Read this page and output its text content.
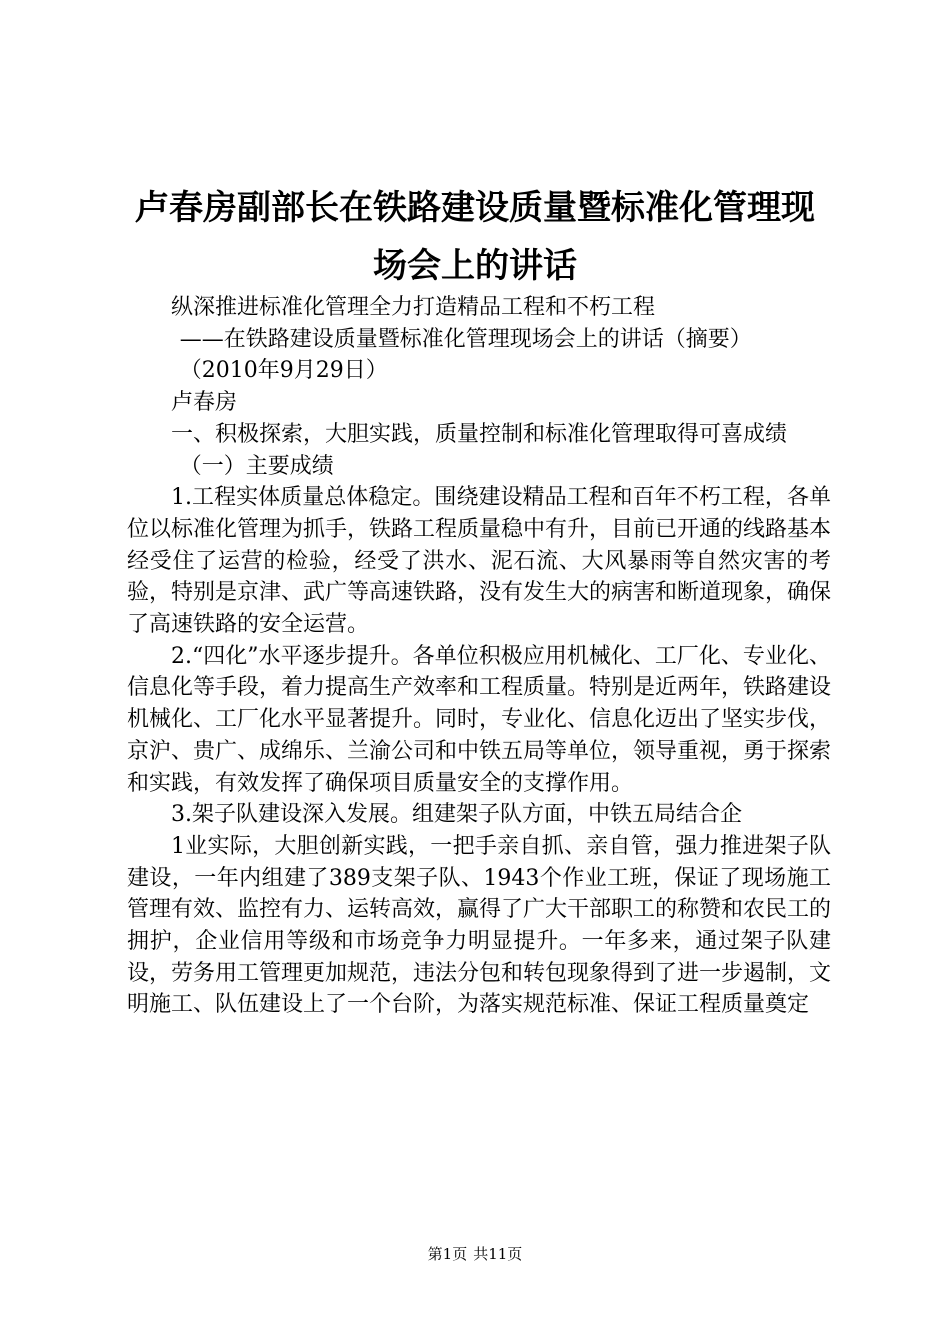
卢春房副部长在铁路建设质量暨标准化管理现
场会上的讲话

纵深推进标准化管理全力打造精品工程和不朽工程

——在铁路建设质量暨标准化管理现场会上的讲话（摘要）

（2010年9月29日）

卢春房

一、积极探索，大胆实践，质量控制和标准化管理取得可喜成绩

（一）主要成绩

1.工程实体质量总体稳定。围绕建设精品工程和百年不朽工程，各单位以标准化管理为抓手，铁路工程质量稳中有升，目前已开通的线路基本经受住了运营的检验，经受了洪水、泥石流、大风暴雨等自然灾害的考验，特别是京津、武广等高速铁路，没有发生大的病害和断道现象，确保了高速铁路的安全运营。

2.“四化”水平逐步提升。各单位积极应用机械化、工厂化、专业化、信息化等手段，着力提高生产效率和工程质量。特别是近两年，铁路建设机械化、工厂化水平显著提升。同时，专业化、信息化迈出了坚实步伐，京沪、贵广、成绵乐、兰渝公司和中铁五局等单位，领导重视，勇于探索和实践，有效发挥了确保项目质量安全的支撑作用。

3.架子队建设深入发展。组建架子队方面，中铁五局结合企

1业实际，大胆创新实践，一把手亲自抓、亲自管，强力推进架子队建设，一年内组建了389支架子队、1943个作业工班，保证了现场施工管理有效、监控有力、运转高效，赢得了广大干部职工的称赞和农民工的拥护，企业信用等级和市场竞争力明显提升。一年多来，通过架子队建设，劳务用工管理更加规范，违法分包和转包现象得到了进一步遏制，文明施工、队伍建设上了一个台阶，为落实规范标准、保证工程质量奠定

第1页 共11页
